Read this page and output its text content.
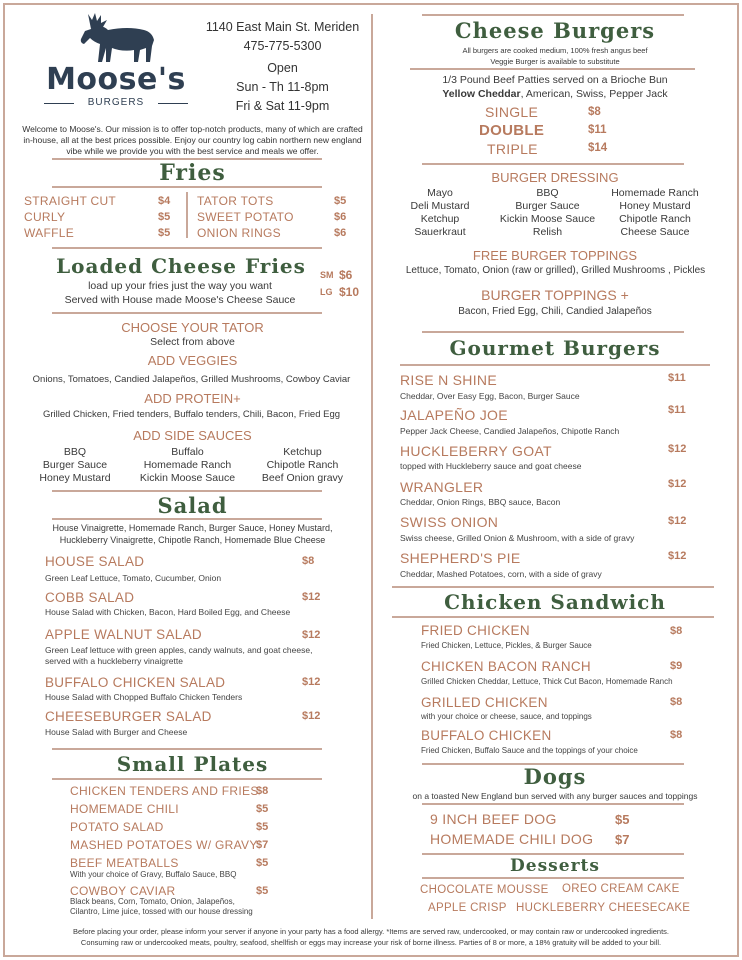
Moose's
BURGERS
1140 East Main St. Meriden
475-775-5300
Open
Sun - Th 11-8pm
Fri & Sat 11-9pm
Welcome to Moose's. Our mission is to offer top-notch products, many of which are crafted in-house, all at the best prices possible. Enjoy our country log cabin northern new england vibe while we provide you with the best service and meals we offer.
Fries
STRAIGHT CUT	$4
CURLY	$5
WAFFLE	$5
TATOR TOTS	$5
SWEET POTATO	$6
ONION RINGS	$6
Loaded Cheese Fries
load up your fries just the way you want
Served with House made Moose's Cheese Sauce
SM $6
LG $10
CHOOSE YOUR TATOR
Select from above
ADD VEGGIES
Onions, Tomatoes, Candied Jalapeños, Grilled Mushrooms, Cowboy Caviar
ADD PROTEIN+
Grilled Chicken, Fried tenders, Buffalo tenders, Chili, Bacon, Fried Egg
ADD SIDE SAUCES
BBQ
Burger Sauce
Honey Mustard
Buffalo
Homemade Ranch
Kickin Moose Sauce
Ketchup
Chipotle Ranch
Beef Onion gravy
Salad
House Vinaigrette, Homemade Ranch, Burger Sauce, Honey Mustard, Huckleberry Vinaigrette, Chipotle Ranch, Homemade Blue Cheese
HOUSE SALAD	$8
Green Leaf Lettuce, Tomato, Cucumber, Onion
COBB SALAD	$12
House Salad with Chicken, Bacon, Hard Boiled Egg, and Cheese
APPLE WALNUT SALAD	$12
Green Leaf lettuce with green apples, candy walnuts, and goat cheese, served with a huckleberry vinaigrette
BUFFALO CHICKEN SALAD	$12
House Salad with Chopped Buffalo Chicken Tenders
CHEESEBURGER SALAD	$12
House Salad with Burger and Cheese
Small Plates
CHICKEN TENDERS AND FRIES
$8
HOMEMADE CHILI	$5
POTATO SALAD	$5
MASHED POTATOES W/ GRAVY
$7
BEEF MEATBALLS	$5
With your choice of Gravy, Buffalo Sauce, BBQ
COWBOY CAVIAR	$5
Black beans, Corn, Tomato, Onion, Jalapeños, Cilantro, Lime juice, tossed with our house dressing
Cheese Burgers
All burgers are cooked medium, 100% fresh angus beef
Veggie Burger is available to substitute
1/3 Pound Beef Patties served on a Brioche Bun
Yellow Cheddar, American, Swiss, Pepper Jack
SINGLE	$8
DOUBLE	$11
TRIPLE	$14
BURGER DRESSING
Mayo
Deli Mustard
Ketchup
Sauerkraut
BBQ
Burger Sauce
Kickin Moose Sauce
Relish
Homemade Ranch
Honey Mustard
Chipotle Ranch
Cheese Sauce
FREE BURGER TOPPINGS
Lettuce, Tomato, Onion (raw or grilled), Grilled Mushrooms , Pickles
BURGER TOPPINGS +
Bacon, Fried Egg, Chili, Candied Jalapeños
Gourmet Burgers
RISE N SHINE	$11
Cheddar, Over Easy Egg, Bacon, Burger Sauce
JALAPEÑO JOE	$11
Pepper Jack Cheese, Candied Jalapeños, Chipotle Ranch
HUCKLEBERRY GOAT	$12
topped with Huckleberry sauce and goat cheese
WRANGLER	$12
Cheddar, Onion Rings, BBQ sauce, Bacon
SWISS ONION	$12
Swiss cheese, Grilled Onion & Mushroom, with a side of gravy
SHEPHERD'S PIE	$12
Cheddar, Mashed Potatoes, corn, with a side of gravy
Chicken Sandwich
FRIED CHICKEN	$8
Fried Chicken, Lettuce, Pickles, & Burger Sauce
CHICKEN BACON RANCH	$9
Grilled Chicken Cheddar, Lettuce, Thick Cut Bacon, Homemade Ranch
GRILLED CHICKEN	$8
with your choice or cheese, sauce, and toppings
BUFFALO CHICKEN	$8
Fried Chicken, Buffalo Sauce and the toppings of your choice
Dogs
on a toasted New England bun served with any burger sauces and toppings
9 INCH BEEF DOG	$5
HOMEMADE CHILI DOG $7
Desserts
CHOCOLATE MOUSSE OREO CREAM CAKE
APPLE CRISP HUCKLEBERRY CHEESECAKE
Before placing your order, please inform your server if anyone in your party has a food allergy. *Items are served raw, undercooked, or may contain raw or undercooked ingredients.
Consuming raw or undercooked meats, poultry, seafood, shellfish or eggs may increase your risk of borne illness. Parties of 8 or more, a 18% gratuity will be added to your bill.
